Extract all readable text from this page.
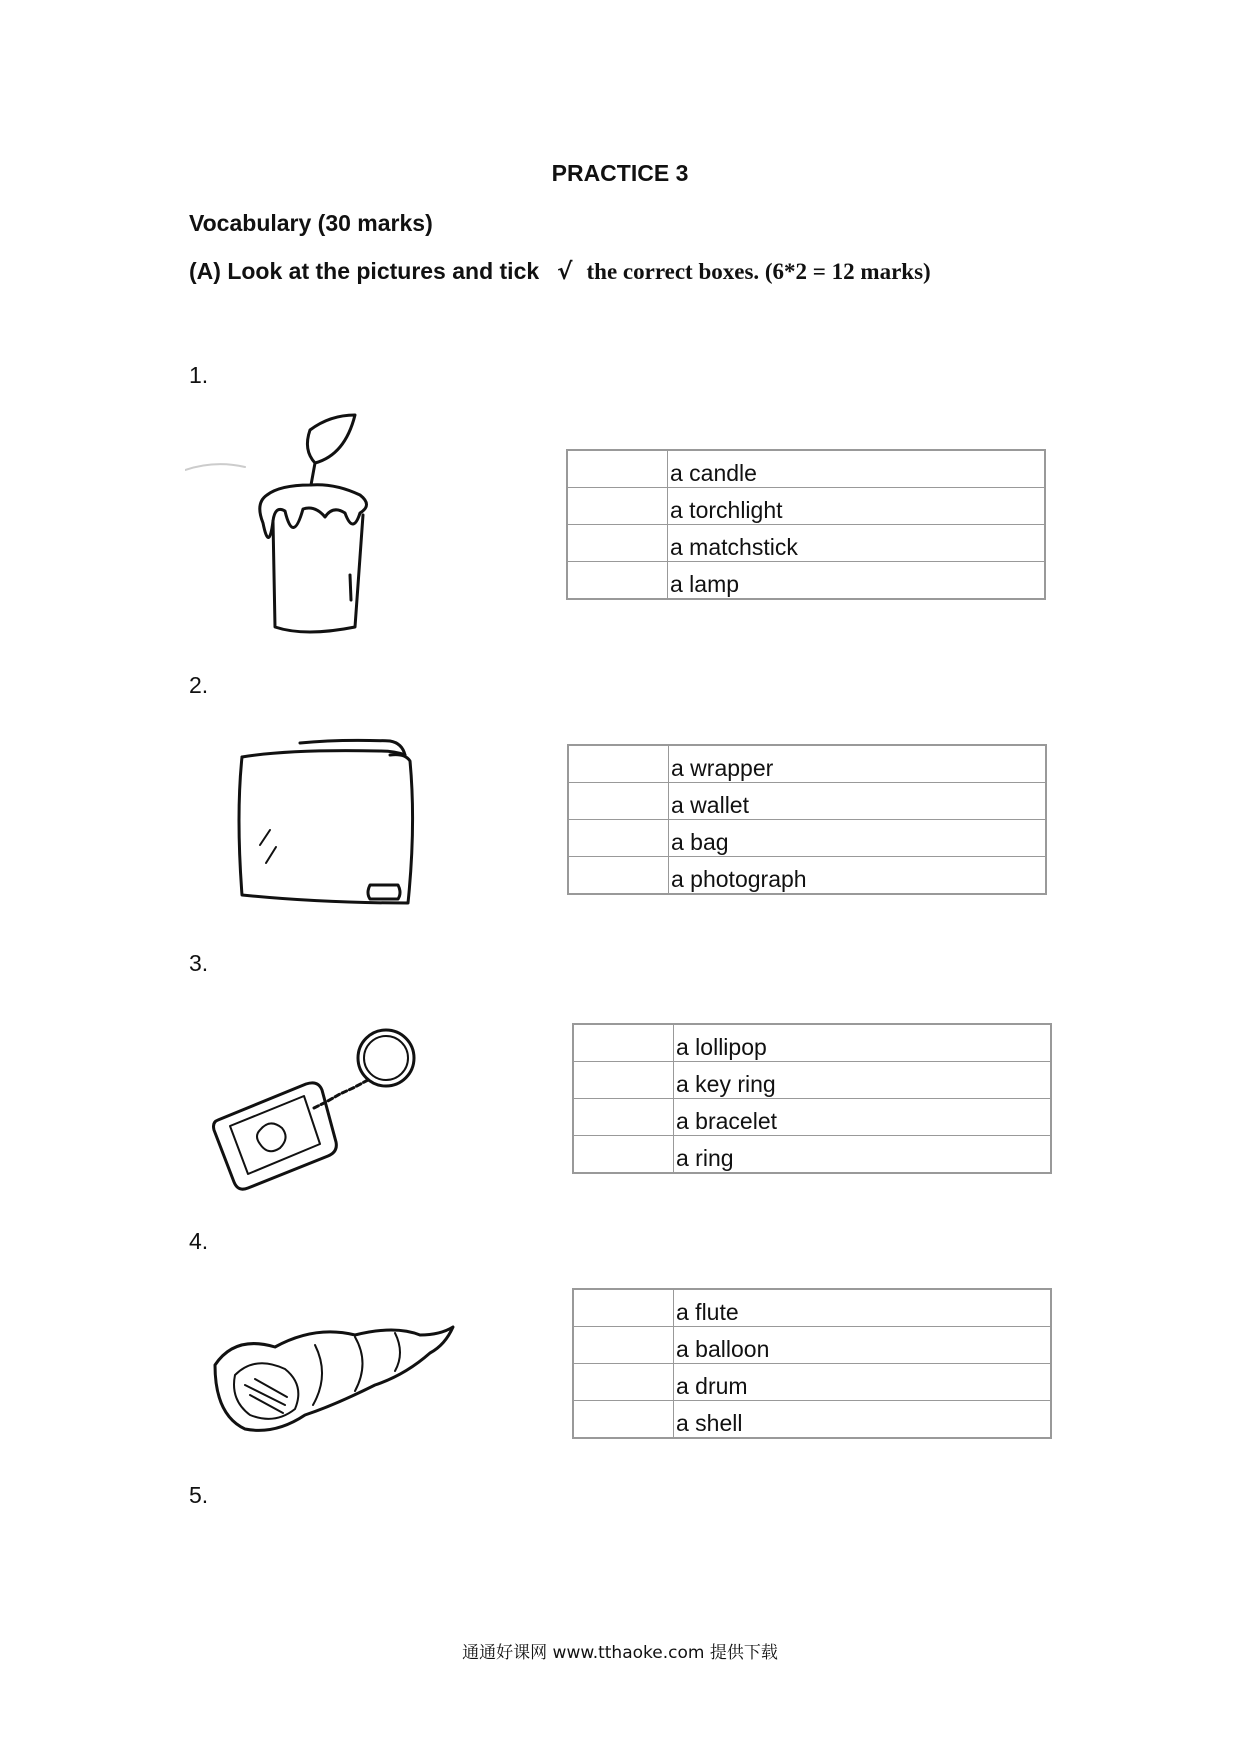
PRACTICE 3
Vocabulary (30 marks)
(A) Look at the pictures and tick √ the correct boxes. (6*2 = 12 marks)
1.
	a candle
	a torchlight
	a matchstick
	a lamp
2.
	a wrapper
	a wallet
	a bag
	a photograph
3.
	a lollipop
	a key ring
	a bracelet
	a ring
4.
	a flute
	a balloon
	a drum
	a shell
5.
通通好课网 www.tthaoke.com 提供下载
